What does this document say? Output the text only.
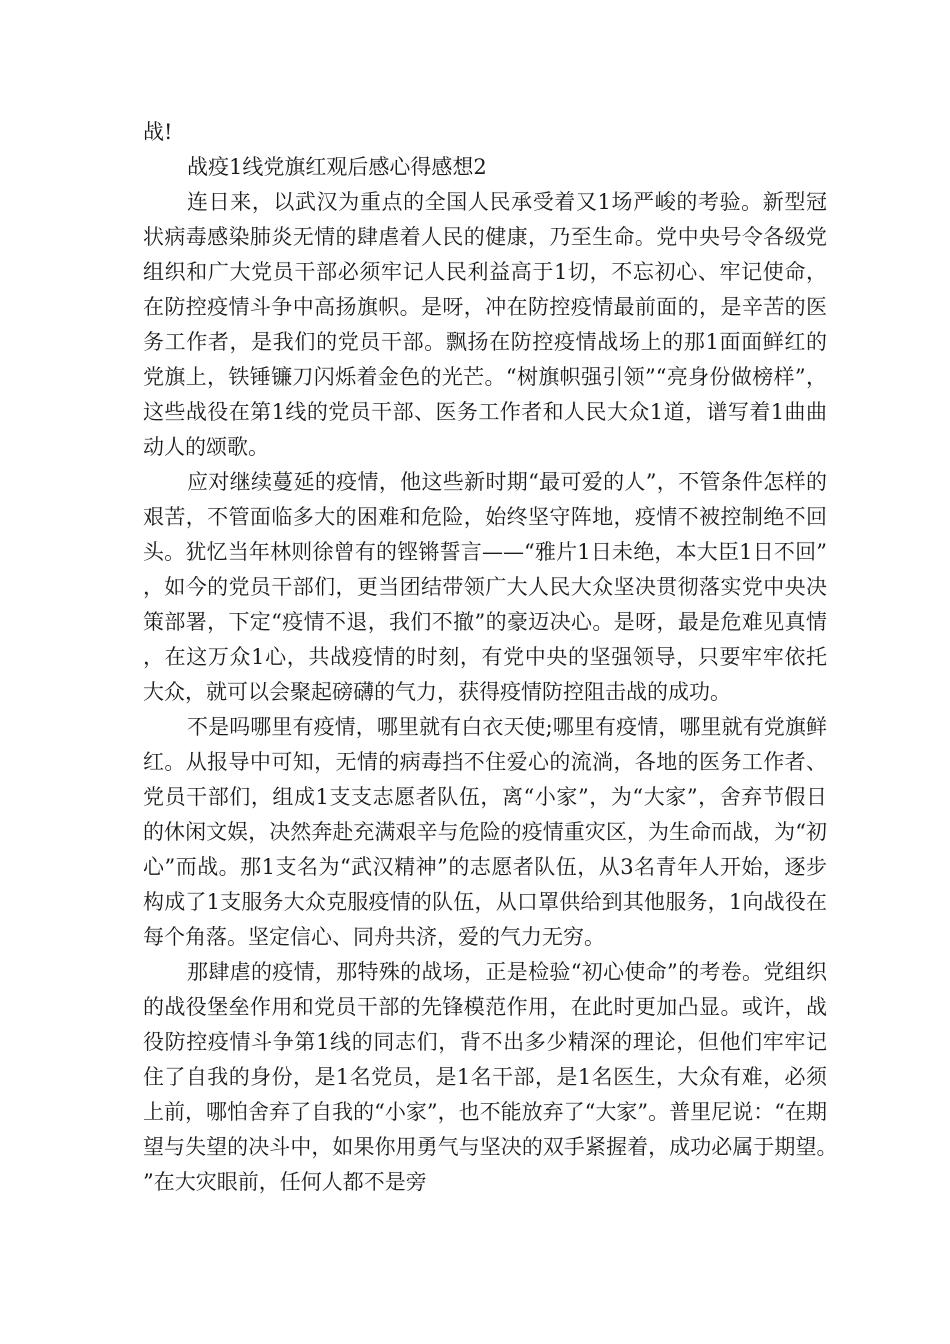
战!

战疫1线党旗红观后感心得感想2

连日来，以武汉为重点的全国人民承受着又1场严峻的考验。新型冠状病毒感染肺炎无情的肆虐着人民的健康，乃至生命。党中央号令各级党组织和广大党员干部必须牢记人民利益高于1切，不忘初心、牢记使命，在防控疫情斗争中高扬旗帜。是呀，冲在防控疫情最前面的，是辛苦的医务工作者，是我们的党员干部。飘扬在防控疫情战场上的那1面面鲜红的党旗上，铁锤镰刀闪烁着金色的光芒。“树旗帜强引领”“亮身份做榜样”，这些战役在第1线的党员干部、医务工作者和人民大众1道，谱写着1曲曲动人的颂歌。

应对继续蔓延的疫情，他这些新时期“最可爱的人”，不管条件怎样的艰苦，不管面临多大的困难和危险，始终坚守阵地，疫情不被控制绝不回头。犹忆当年林则徐曾有的铿锵誓言——“雅片1日未绝，本大臣1日不回”，如今的党员干部们，更当团结带领广大人民大众坚决贯彻落实党中央决策部署，下定“疫情不退，我们不撤”的豪迈决心。是呀，最是危难见真情，在这万众1心，共战疫情的时刻，有党中央的坚强领导，只要牢牢依托大众，就可以会聚起磅礴的气力，获得疫情防控阻击战的成功。

不是吗哪里有疫情，哪里就有白衣天使;哪里有疫情，哪里就有党旗鲜红。从报导中可知，无情的病毒挡不住爱心的流淌，各地的医务工作者、党员干部们，组成1支支志愿者队伍，离“小家”，为“大家”，舍弃节假日的休闲文娱，决然奔赴充满艰辛与危险的疫情重灾区，为生命而战，为“初心”而战。那1支名为“武汉精神”的志愿者队伍，从3名青年人开始，逐步构成了1支服务大众克服疫情的队伍，从口罩供给到其他服务，1向战役在每个角落。坚定信心、同舟共济，爱的气力无穷。

那肆虐的疫情，那特殊的战场，正是检验“初心使命”的考卷。党组织的战役堡垒作用和党员干部的先锋模范作用，在此时更加凸显。或许，战役防控疫情斗争第1线的同志们，背不出多少精深的理论，但他们牢牢记住了自我的身份，是1名党员，是1名干部，是1名医生，大众有难，必须上前，哪怕舍弃了自我的“小家”，也不能放弃了“大家”。普里尼说：“在期望与失望的决斗中，如果你用勇气与坚决的双手紧握着，成功必属于期望。”在大灾眼前，任何人都不是旁
